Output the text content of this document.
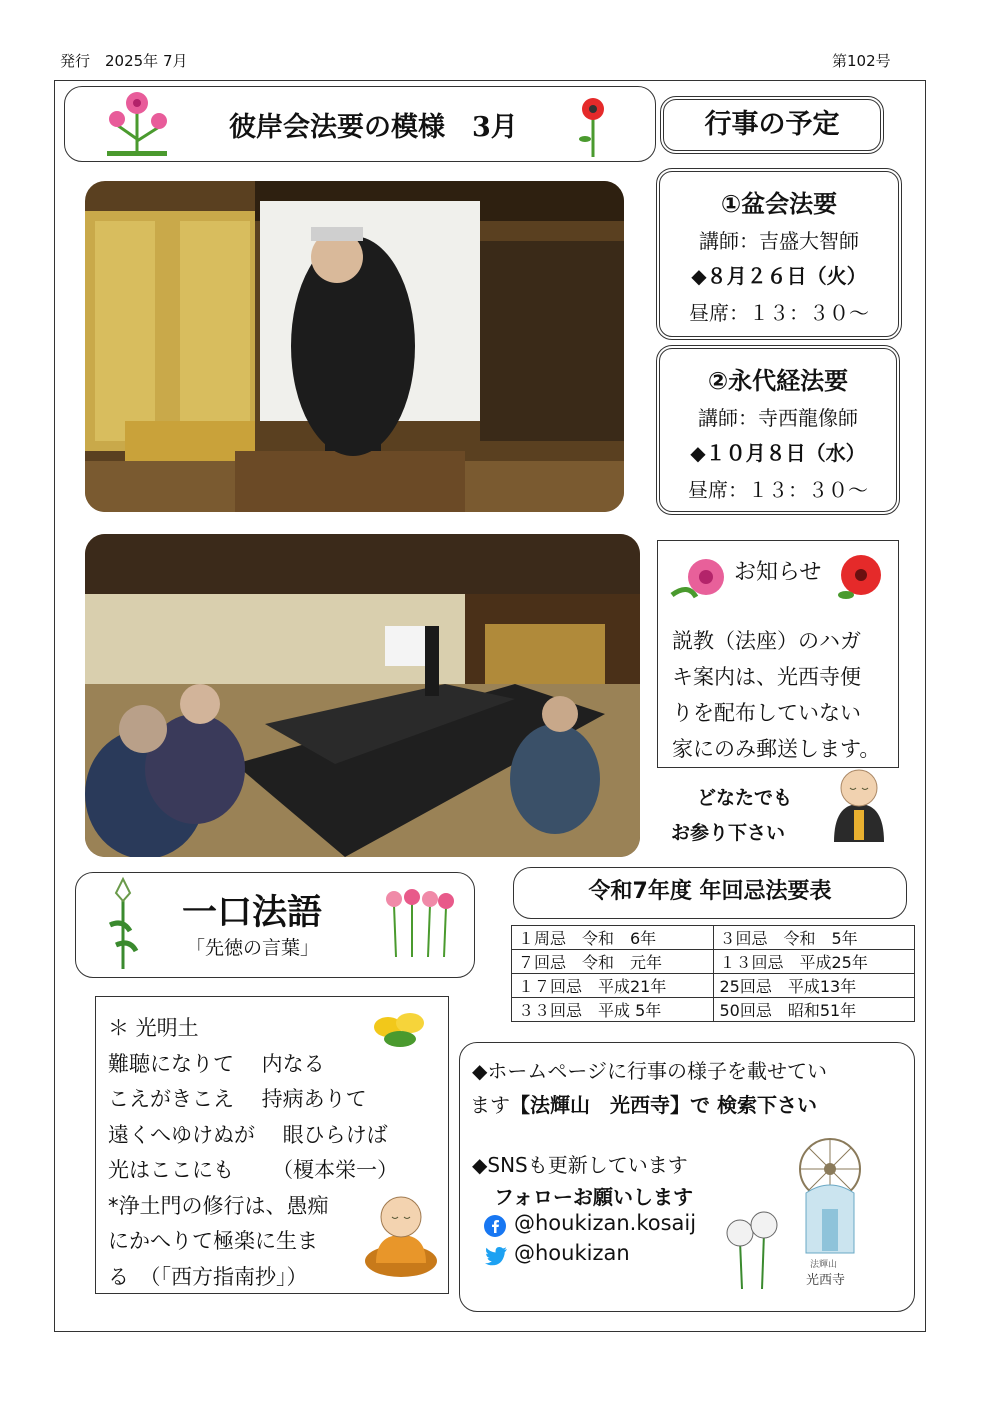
発行　2025年 7月	第102号
彼岸会法要の模様　3月	行事の予定
①盆会法要
講師：吉盛大智師
◆８月２６日（火）
昼席：１３：３０～
②永代経法要
講師：寺西龍像師
◆１０月８日（水）
昼席：１３：３０～
お知らせ
説教（法座）のハガ
キ案内は、光西寺便
りを配布していない
家にのみ郵送します。
どなたでも
お参り下さい
一口法語
「先徳の言葉」
令和7年度 年回忌法要表
１周忌　令和　6年	３回忌　令和　5年
７回忌　令和　元年	１３回忌　平成25年
１７回忌　平成21年	25回忌　平成13年
３３回忌　平成 5年	50回忌　昭和51年
＊ 光明土
難聴になりて　 内なる
こえがきこえ　 持病ありて
遠くへゆけぬが　 眼ひらけば
光はここにも　 　（榎本栄一）
*浄土門の修行は、愚痴
にかへりて極楽に生ま
る　（「西方指南抄」）
◆ホームページに行事の様子を載せてい
ます【法輝山　光西寺】で 検索下さい
◆SNSも更新しています
フォローお願いします
@houkizan.kosaij
@houkizan	法輝山
光西寺
